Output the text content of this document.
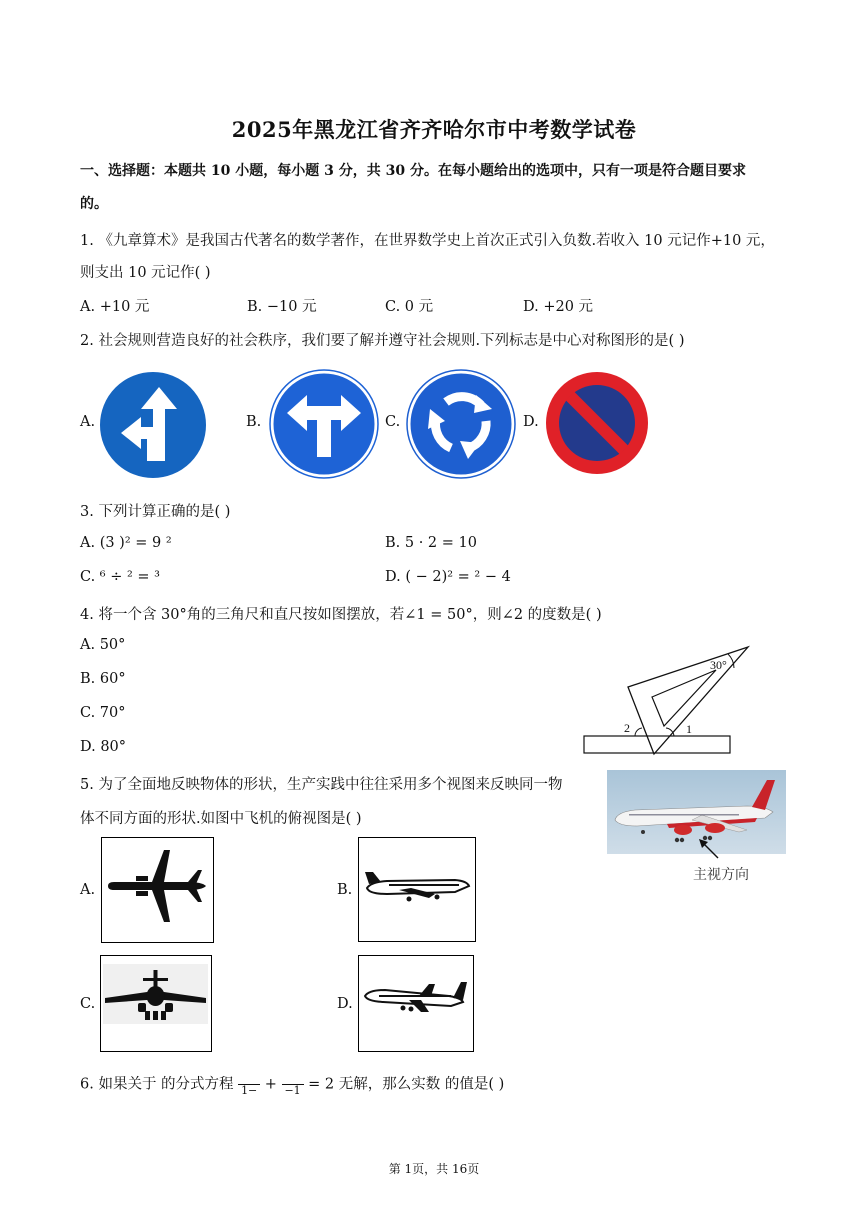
2025年黑龙江省齐齐哈尔市中考数学试卷
一、选择题：本题共 10 小题，每小题 3 分，共 30 分。在每小题给出的选项中，只有一项是符合题目要求
的。
1. 《九章算术》是我国古代著名的数学著作，在世界数学史上首次正式引入负数.若收入 10 元记作+10 元，
则支出 10 元记作( )
A. +10 元	B. −10 元	C. 0 元	D. +20 元
2. 社会规则营造良好的社会秩序，我们要了解并遵守社会规则.下列标志是中心对称图形的是( )
A.	B.	C.	D.
3. 下列计算正确的是( )
A. (3 )² = 9 ²	B. 5 · 2 = 10
C. ⁶ ÷ ² = ³	D. ( − 2)² = ² − 4
4. 将一个含 30°角的三角尺和直尺按如图摆放，若∠1 = 50°，则∠2 的度数是( )
A. 50°
B. 60°
C. 70°
D. 80°
30°
2	1
5. 为了全面地反映物体的形状，生产实践中往往采用多个视图来反映同一物
体不同方面的形状.如图中飞机的俯视图是( )
主视方向
A.	B.
C.	D.
6. 如果关于 的分式方程 1− + −1 = 2 无解，那么实数 的值是( )
第 1页，共 16页
